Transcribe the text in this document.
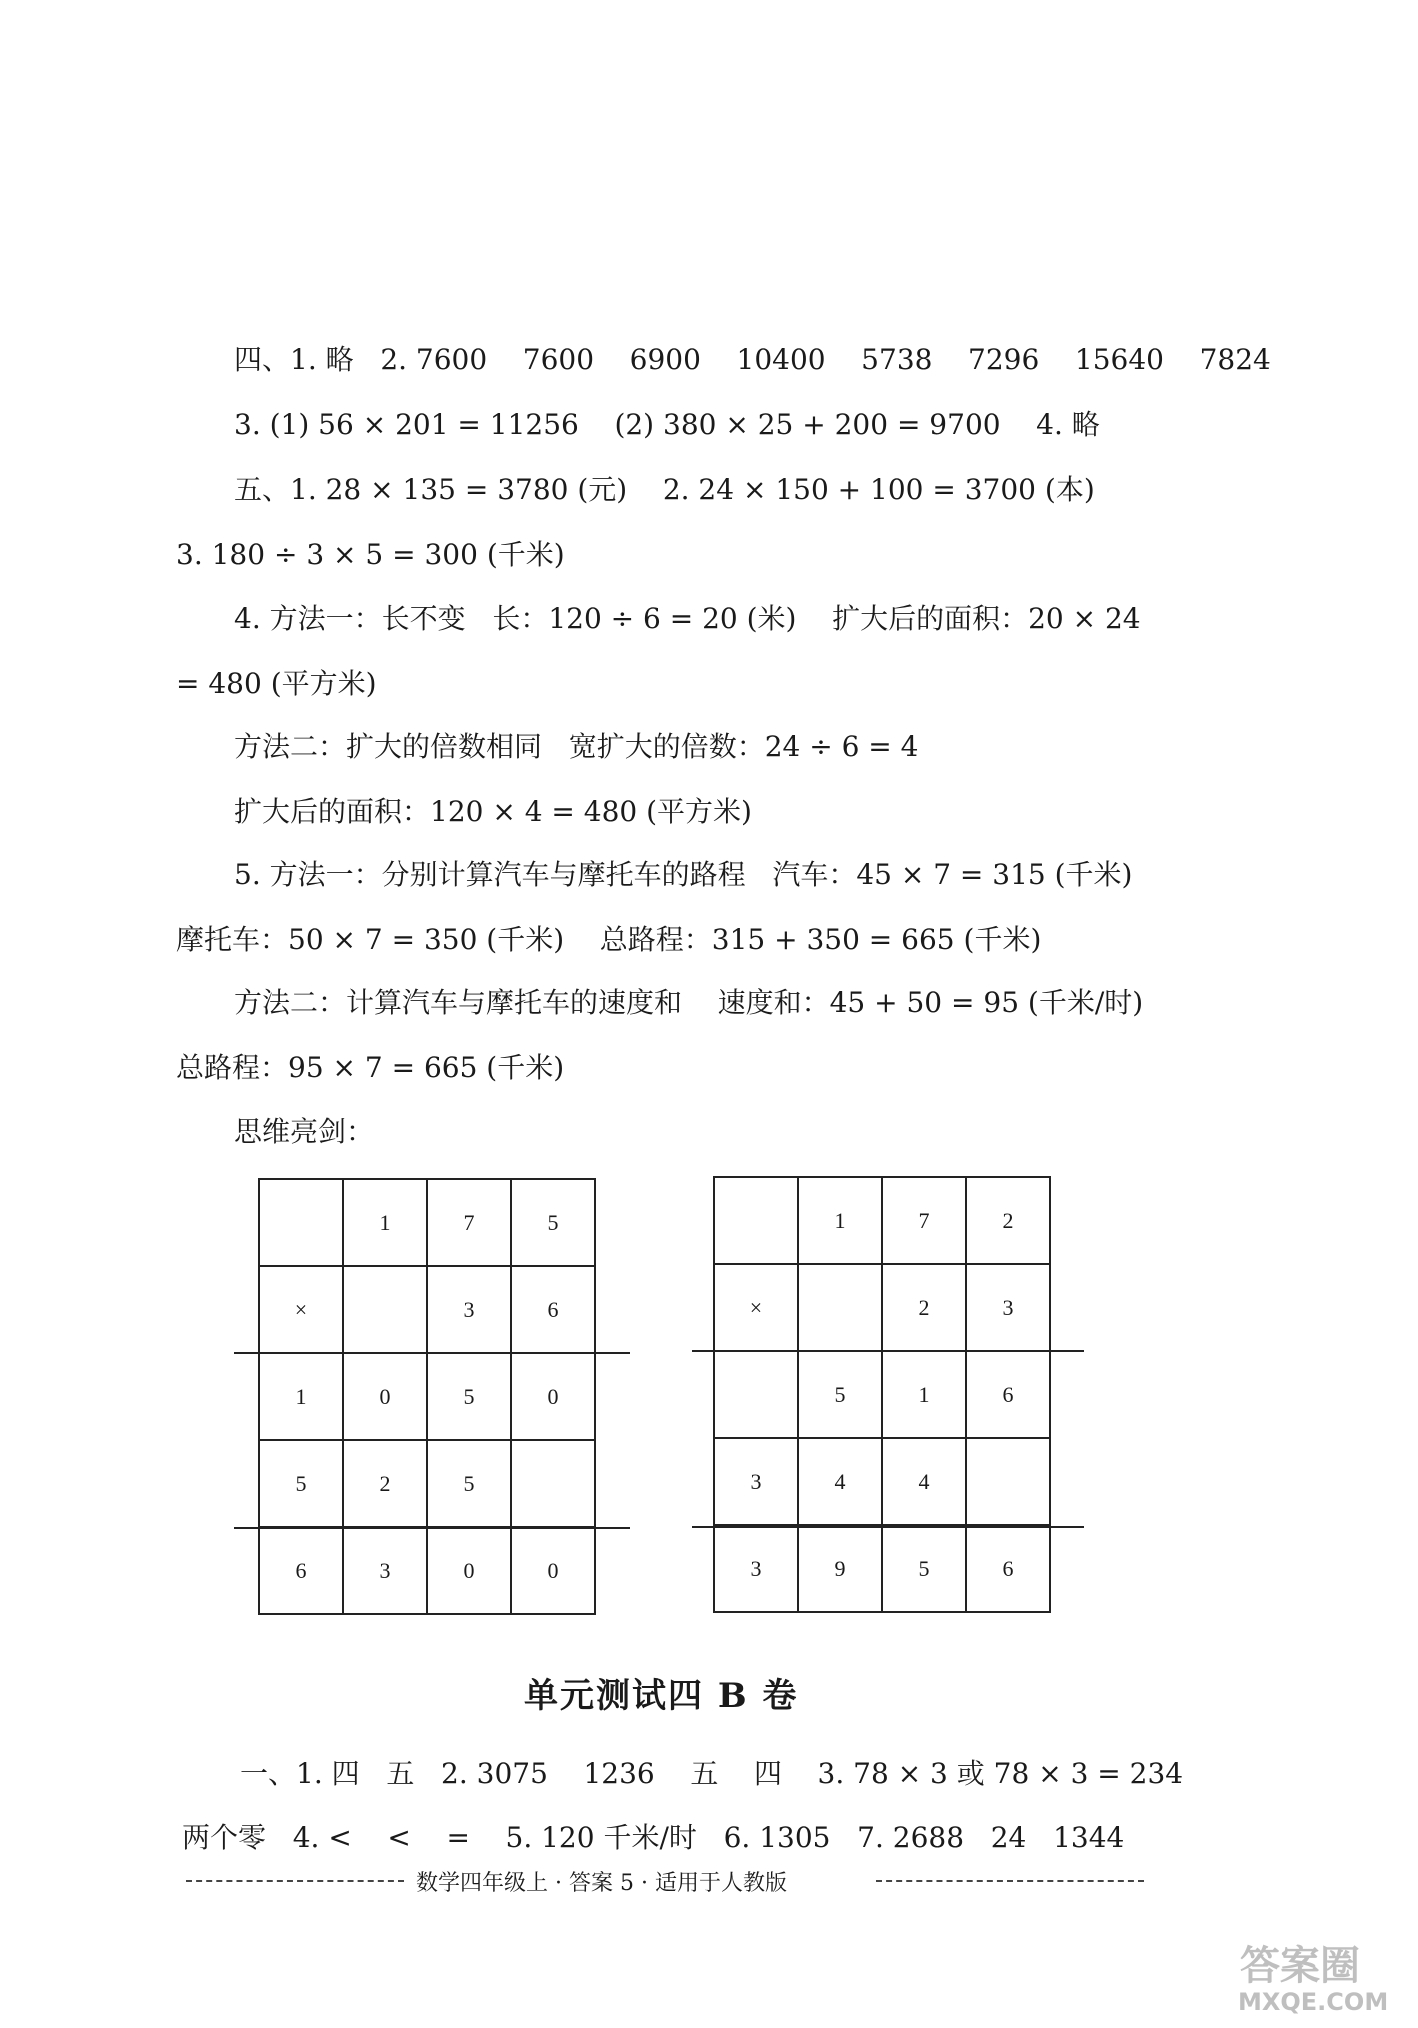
四、1. 略   2. 7600    7600    6900    10400    5738    7296    15640    7824
3. (1) 56 × 201 = 11256    (2) 380 × 25 + 200 = 9700    4. 略
五、1. 28 × 135 = 3780 (元)    2. 24 × 150 + 100 = 3700 (本)
3. 180 ÷ 3 × 5 = 300 (千米)
4. 方法一：长不变   长：120 ÷ 6 = 20 (米)    扩大后的面积：20 × 24
= 480 (平方米)
方法二：扩大的倍数相同   宽扩大的倍数：24 ÷ 6 = 4
扩大后的面积：120 × 4 = 480 (平方米)
5. 方法一：分别计算汽车与摩托车的路程   汽车：45 × 7 = 315 (千米)
摩托车：50 × 7 = 350 (千米)    总路程：315 + 350 = 665 (千米)
方法二：计算汽车与摩托车的速度和    速度和：45 + 50 = 95 (千米/时)
总路程：95 × 7 = 665 (千米)
思维亮剑：
	1	7	5
×		3	6
1	0	5	0
5	2	5	
6	3	0	0
	1	7	2
×		2	3
	5	1	6
3	4	4	
3	9	5	6
单元测试四 B 卷
一、1. 四   五   2. 3075    1236    五    四    3. 78 × 3 或 78 × 3 = 234
两个零   4. <    <    =    5. 120 千米/时   6. 1305   7. 2688   24   1344
数学四年级上 · 答案 5 · 适用于人教版
答案圈
MXQE.COM
